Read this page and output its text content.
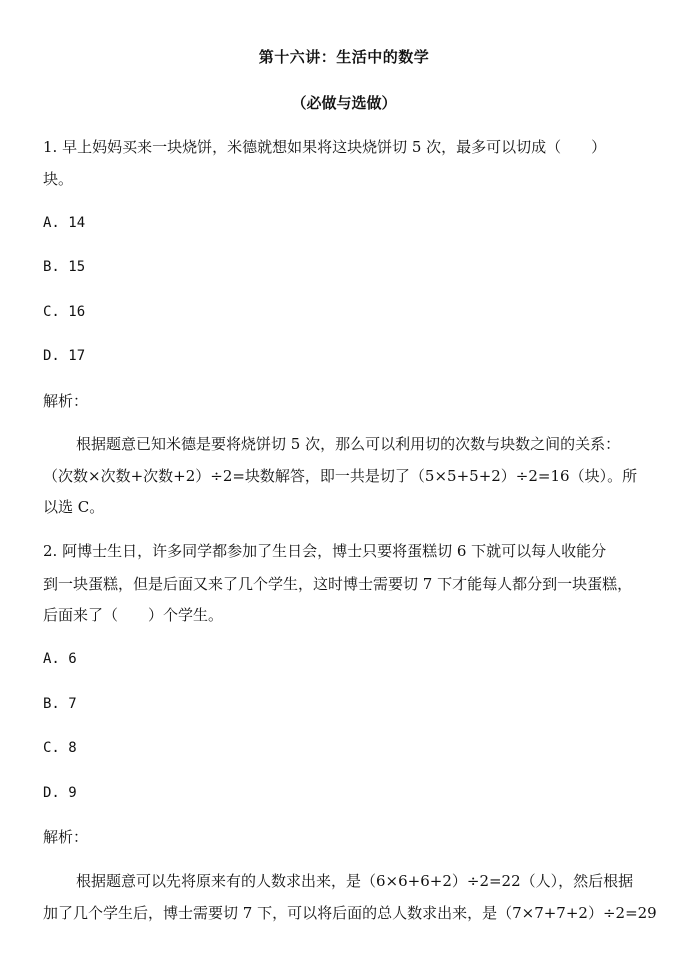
第十六讲：生活中的数学
（必做与选做）
1. 早上妈妈买来一块烧饼，米德就想如果将这块烧饼切 5 次，最多可以切成（　　）
块。
A. 14
B. 15
C. 16
D. 17
解析：
根据题意已知米德是要将烧饼切 5 次，那么可以利用切的次数与块数之间的关系：
（次数×次数+次数+2）÷2=块数解答，即一共是切了（5×5+5+2）÷2=16（块）。所
以选 C。
2. 阿博士生日，许多同学都参加了生日会，博士只要将蛋糕切 6 下就可以每人收能分
到一块蛋糕，但是后面又来了几个学生，这时博士需要切 7 下才能每人都分到一块蛋糕，
后面来了（　　）个学生。
A. 6
B. 7
C. 8
D. 9
解析：
根据题意可以先将原来有的人数求出来，是（6×6+6+2）÷2=22（人），然后根据
加了几个学生后，博士需要切 7 下，可以将后面的总人数求出来，是（7×7+7+2）÷2=29
